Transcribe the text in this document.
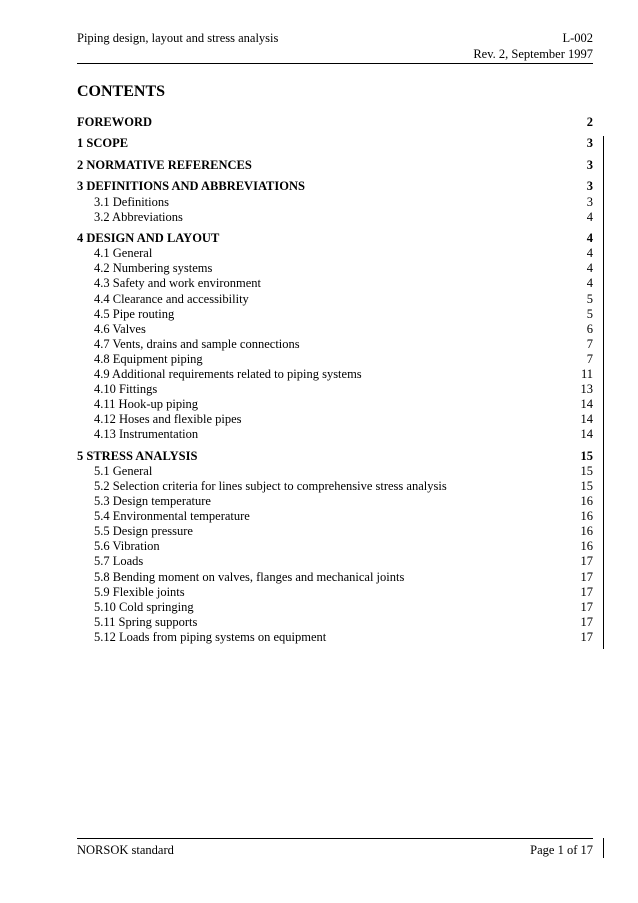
Piping design, layout and stress analysis	L-002
Rev. 2, September 1997
CONTENTS
FOREWORD	2
1 SCOPE	3
2 NORMATIVE REFERENCES	3
3 DEFINITIONS AND ABBREVIATIONS	3
3.1 Definitions	3
3.2 Abbreviations	4
4 DESIGN AND LAYOUT	4
4.1 General	4
4.2 Numbering systems	4
4.3 Safety and work environment	4
4.4 Clearance and accessibility	5
4.5 Pipe routing	5
4.6 Valves	6
4.7 Vents, drains and sample connections	7
4.8 Equipment piping	7
4.9 Additional requirements related to piping systems	11
4.10 Fittings	13
4.11 Hook-up piping	14
4.12 Hoses and flexible pipes	14
4.13 Instrumentation	14
5 STRESS ANALYSIS	15
5.1 General	15
5.2 Selection criteria for lines subject to comprehensive stress analysis	15
5.3 Design temperature	16
5.4 Environmental temperature	16
5.5 Design pressure	16
5.6 Vibration	16
5.7 Loads	17
5.8 Bending moment on valves, flanges and mechanical joints	17
5.9 Flexible joints	17
5.10 Cold springing	17
5.11 Spring supports	17
5.12 Loads from piping systems on equipment	17
NORSOK standard	Page 1 of 17
